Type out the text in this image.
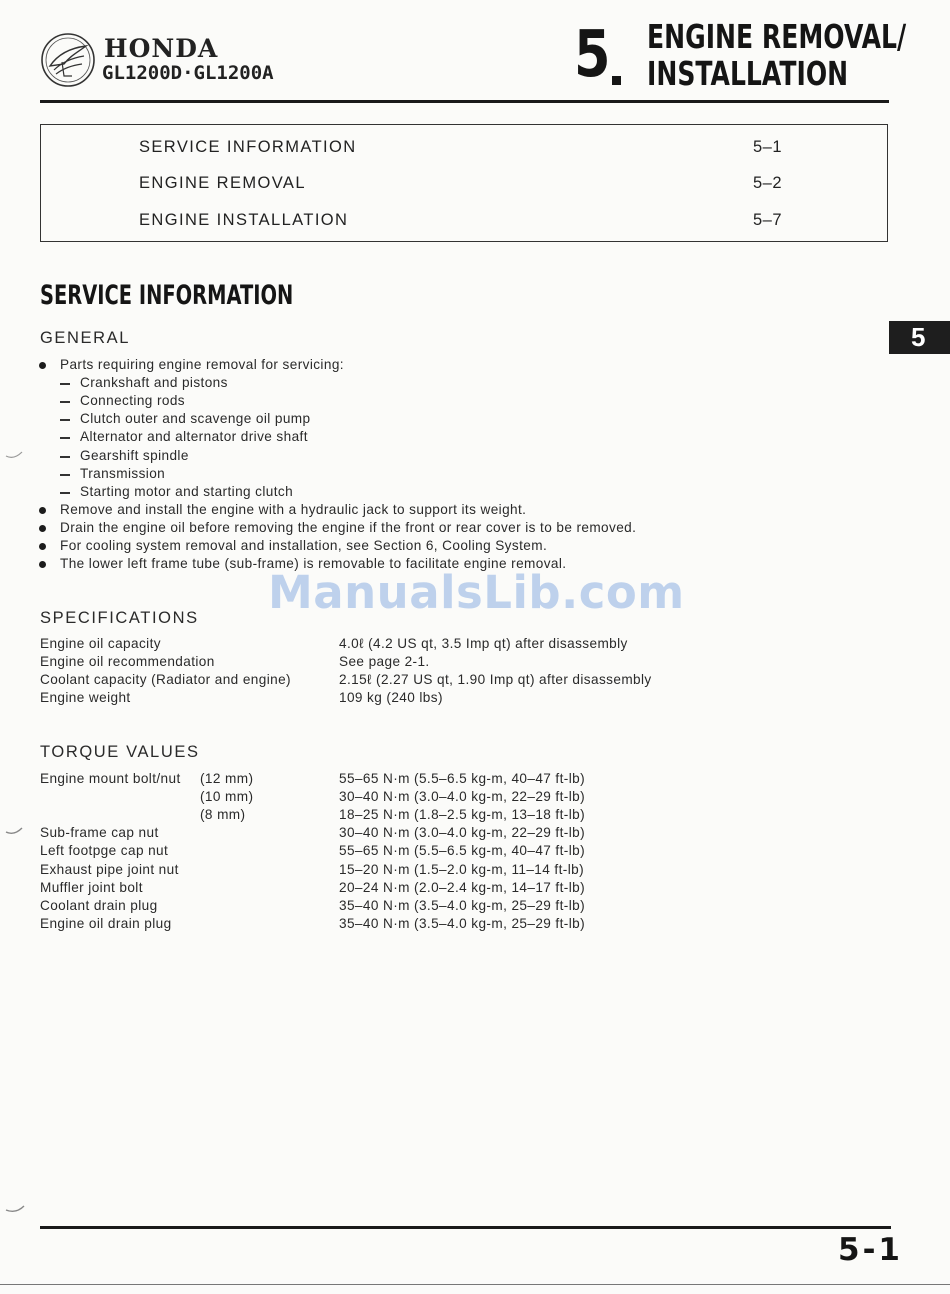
HONDA
GL1200D·GL1200A	5 ENGINE REMOVAL/
INSTALLATION
SERVICE INFORMATION	5–1
ENGINE REMOVAL	5–2
ENGINE INSTALLATION	5–7
SERVICE INFORMATION
5
GENERAL
Parts requiring engine removal for servicing:
Crankshaft and pistons
Connecting rods
Clutch outer and scavenge oil pump
Alternator and alternator drive shaft
Gearshift spindle
Transmission
Starting motor and starting clutch
Remove and install the engine with a hydraulic jack to support its weight.
Drain the engine oil before removing the engine if the front or rear cover is to be removed.
For cooling system removal and installation, see Section 6, Cooling System.
The lower left frame tube (sub-frame) is removable to facilitate engine removal.
SPECIFICATIONS
Engine oil capacity	4.0ℓ (4.2 US qt, 3.5 Imp qt) after disassembly
Engine oil recommendation	See page 2-1.
Coolant capacity (Radiator and engine)	2.15ℓ (2.27 US qt, 1.90 Imp qt) after disassembly
Engine weight	109 kg (240 lbs)
TORQUE VALUES
Engine mount bolt/nut (12 mm)	55–65 N·m (5.5–6.5 kg-m, 40–47 ft-lb)
(10 mm)	30–40 N·m (3.0–4.0 kg-m, 22–29 ft-lb)
(8 mm)	18–25 N·m (1.8–2.5 kg-m, 13–18 ft-lb)
Sub-frame cap nut	30–40 N·m (3.0–4.0 kg-m, 22–29 ft-lb)
Left footpge cap nut	55–65 N·m (5.5–6.5 kg-m, 40–47 ft-lb)
Exhaust pipe joint nut	15–20 N·m (1.5–2.0 kg-m, 11–14 ft-lb)
Muffler joint bolt	20–24 N·m (2.0–2.4 kg-m, 14–17 ft-lb)
Coolant drain plug	35–40 N·m (3.5–4.0 kg-m, 25–29 ft-lb)
Engine oil drain plug	35–40 N·m (3.5–4.0 kg-m, 25–29 ft-lb)
ManualsLib.com
5-1
